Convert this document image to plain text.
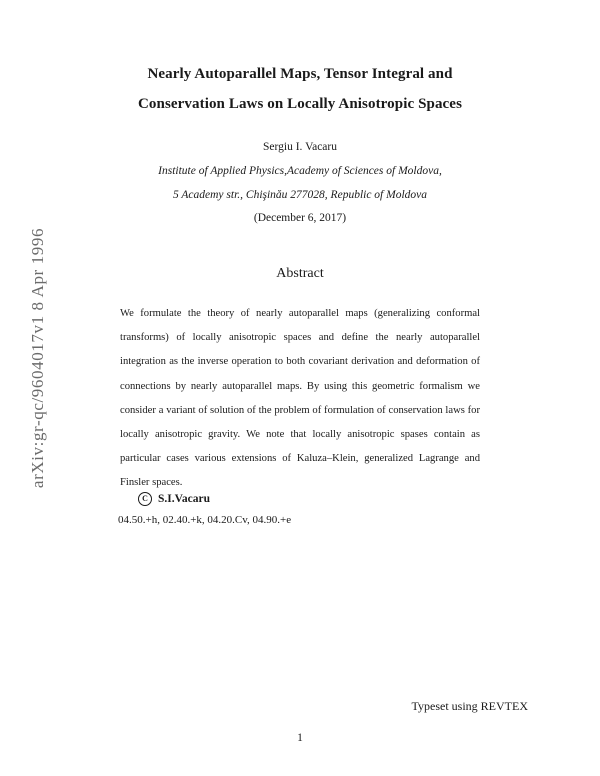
Nearly Autoparallel Maps, Tensor Integral and
Conservation Laws on Locally Anisotropic Spaces
Sergiu I. Vacaru
Institute of Applied Physics,Academy of Sciences of Moldova,
5 Academy str., Chişinău 277028, Republic of Moldova
(December 6, 2017)
Abstract
We formulate the theory of nearly autoparallel maps (generalizing conformal transforms) of locally anisotropic spaces and define the nearly autoparallel integration as the inverse operation to both covariant derivation and deformation of connections by nearly autoparallel maps. By using this geometric formalism we consider a variant of solution of the problem of formulation of conservation laws for locally anisotropic gravity. We note that locally anisotropic spases contain as particular cases various extensions of Kaluza–Klein, generalized Lagrange and Finsler spaces.
C S.I.Vacaru
04.50.+h, 02.40.+k, 04.20.Cv, 04.90.+e
arXiv:gr-qc/9604017v1 8 Apr 1996
Typeset using REVTEX
1
